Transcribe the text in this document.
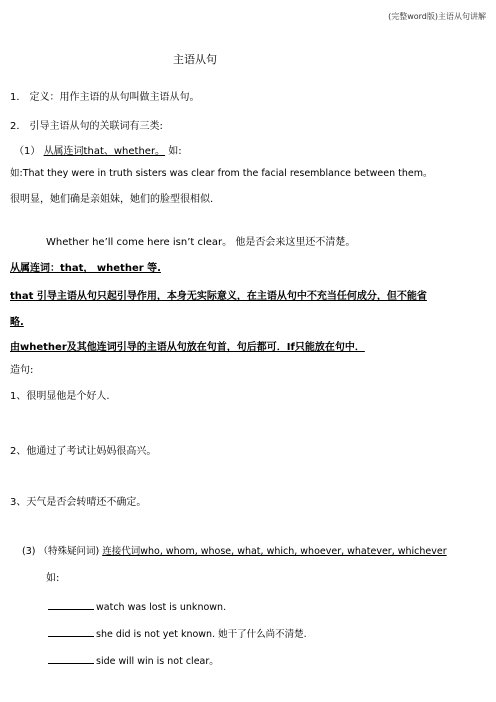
(完整word版)主语从句讲解
主语从句
1． 定义：用作主语的从句叫做主语从句。
2． 引导主语从句的关联词有三类:
（1） 从属连词that、whether。 如:
如:That they were in truth sisters was clear from the facial resemblance between them。
很明显，她们确是亲姐妹，她们的脸型很相似.
Whether he’ll come here isn’t clear。 他是否会来这里还不清楚。
从属连词：that， whether 等.
that 引导主语从句只起引导作用，本身无实际意义，在主语从句中不充当任何成分，但不能省
略.
由whether及其他连词引导的主语从句放在句首，句后都可．If只能放在句中．
造句:
1、很明显他是个好人.
2、他通过了考试让妈妈很高兴。
3、天气是否会转晴还不确定。
(3) （特殊疑问词) 连接代词who, whom, whose, what, which, whoever, whatever, whichever
如:
watch was lost is unknown.
she did is not yet known. 她干了什么尚不清楚.
side will win is not clear。
